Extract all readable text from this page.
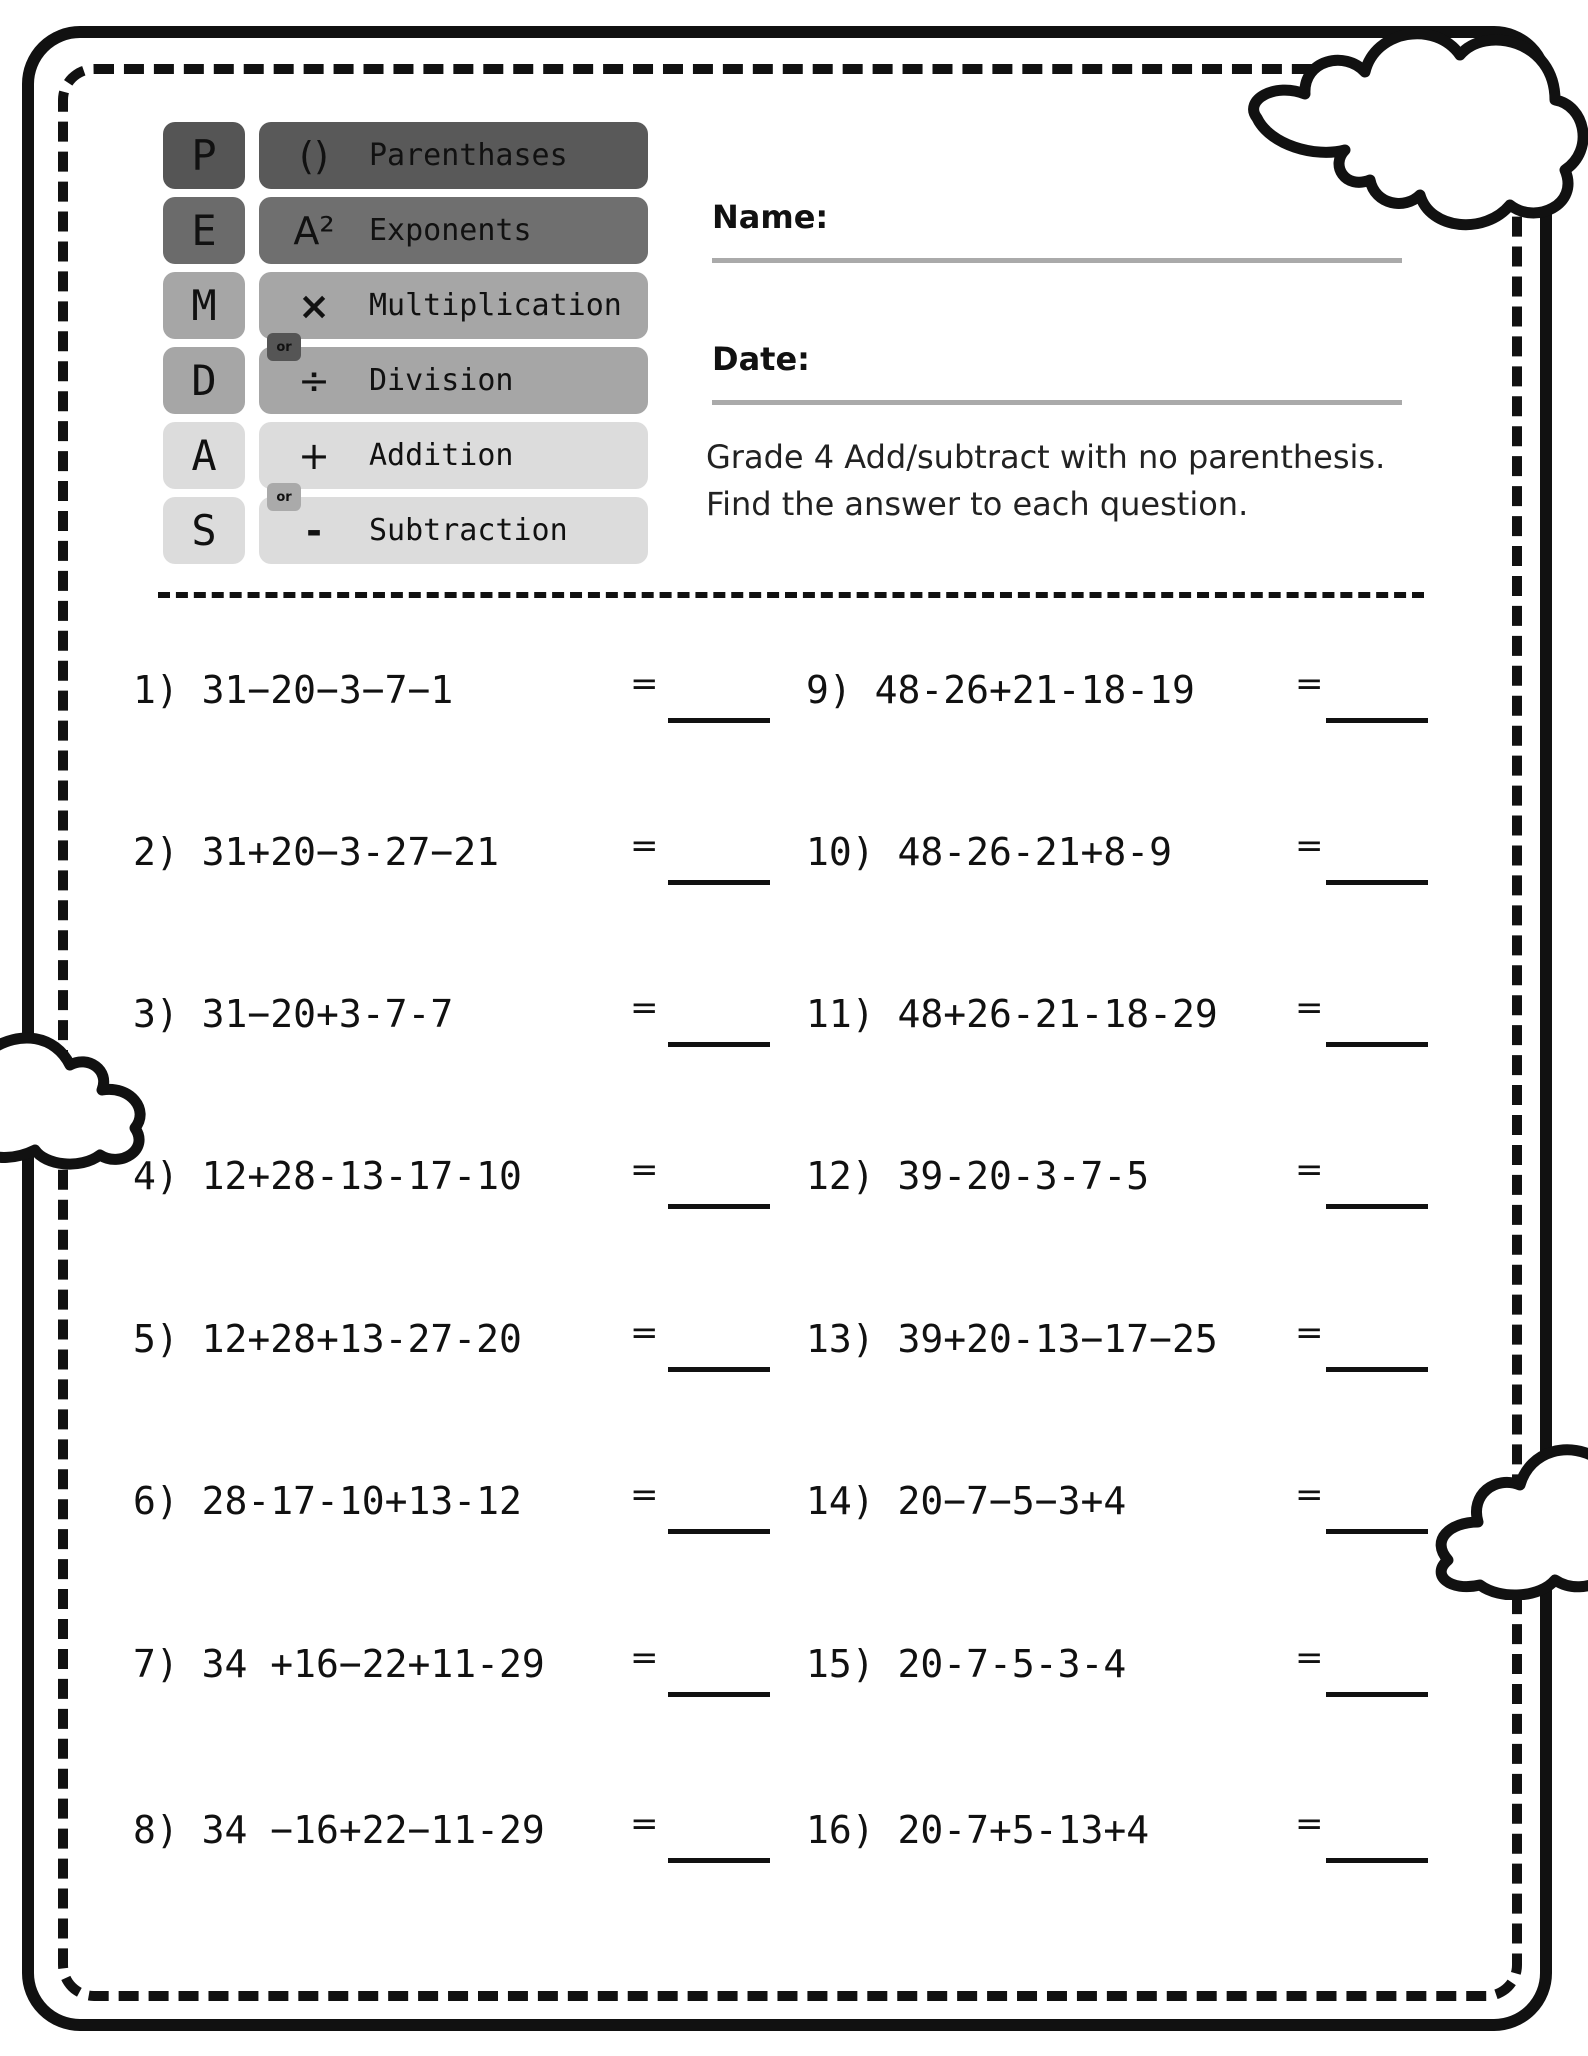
P	()	Parenthases
E	A²	Exponents
M	×	Multiplication
or
D	÷	Division
A	+	Addition
or
S	-	Subtraction
Name:
Date:
Grade 4 Add/subtract with no parenthesis.
Find the answer to each question.
1) 31−20−3−7−1	=
2) 31+20−3-27−21	=
3) 31−20+3-7-7	=
4) 12+28-13-17-10	=
5) 12+28+13-27-20	=
6) 28-17-10+13-12	=
7) 34 +16−22+11-29	=
8) 34 −16+22−11-29	=
9) 48-26+21-18-19	=
10) 48-26-21+8-9	=
11) 48+26-21-18-29 =
12) 39-20-3-7-5	=
13) 39+20-13−17−25 =
14) 20−7−5−3+4	=
15) 20-7-5-3-4	=
16) 20-7+5-13+4	=
